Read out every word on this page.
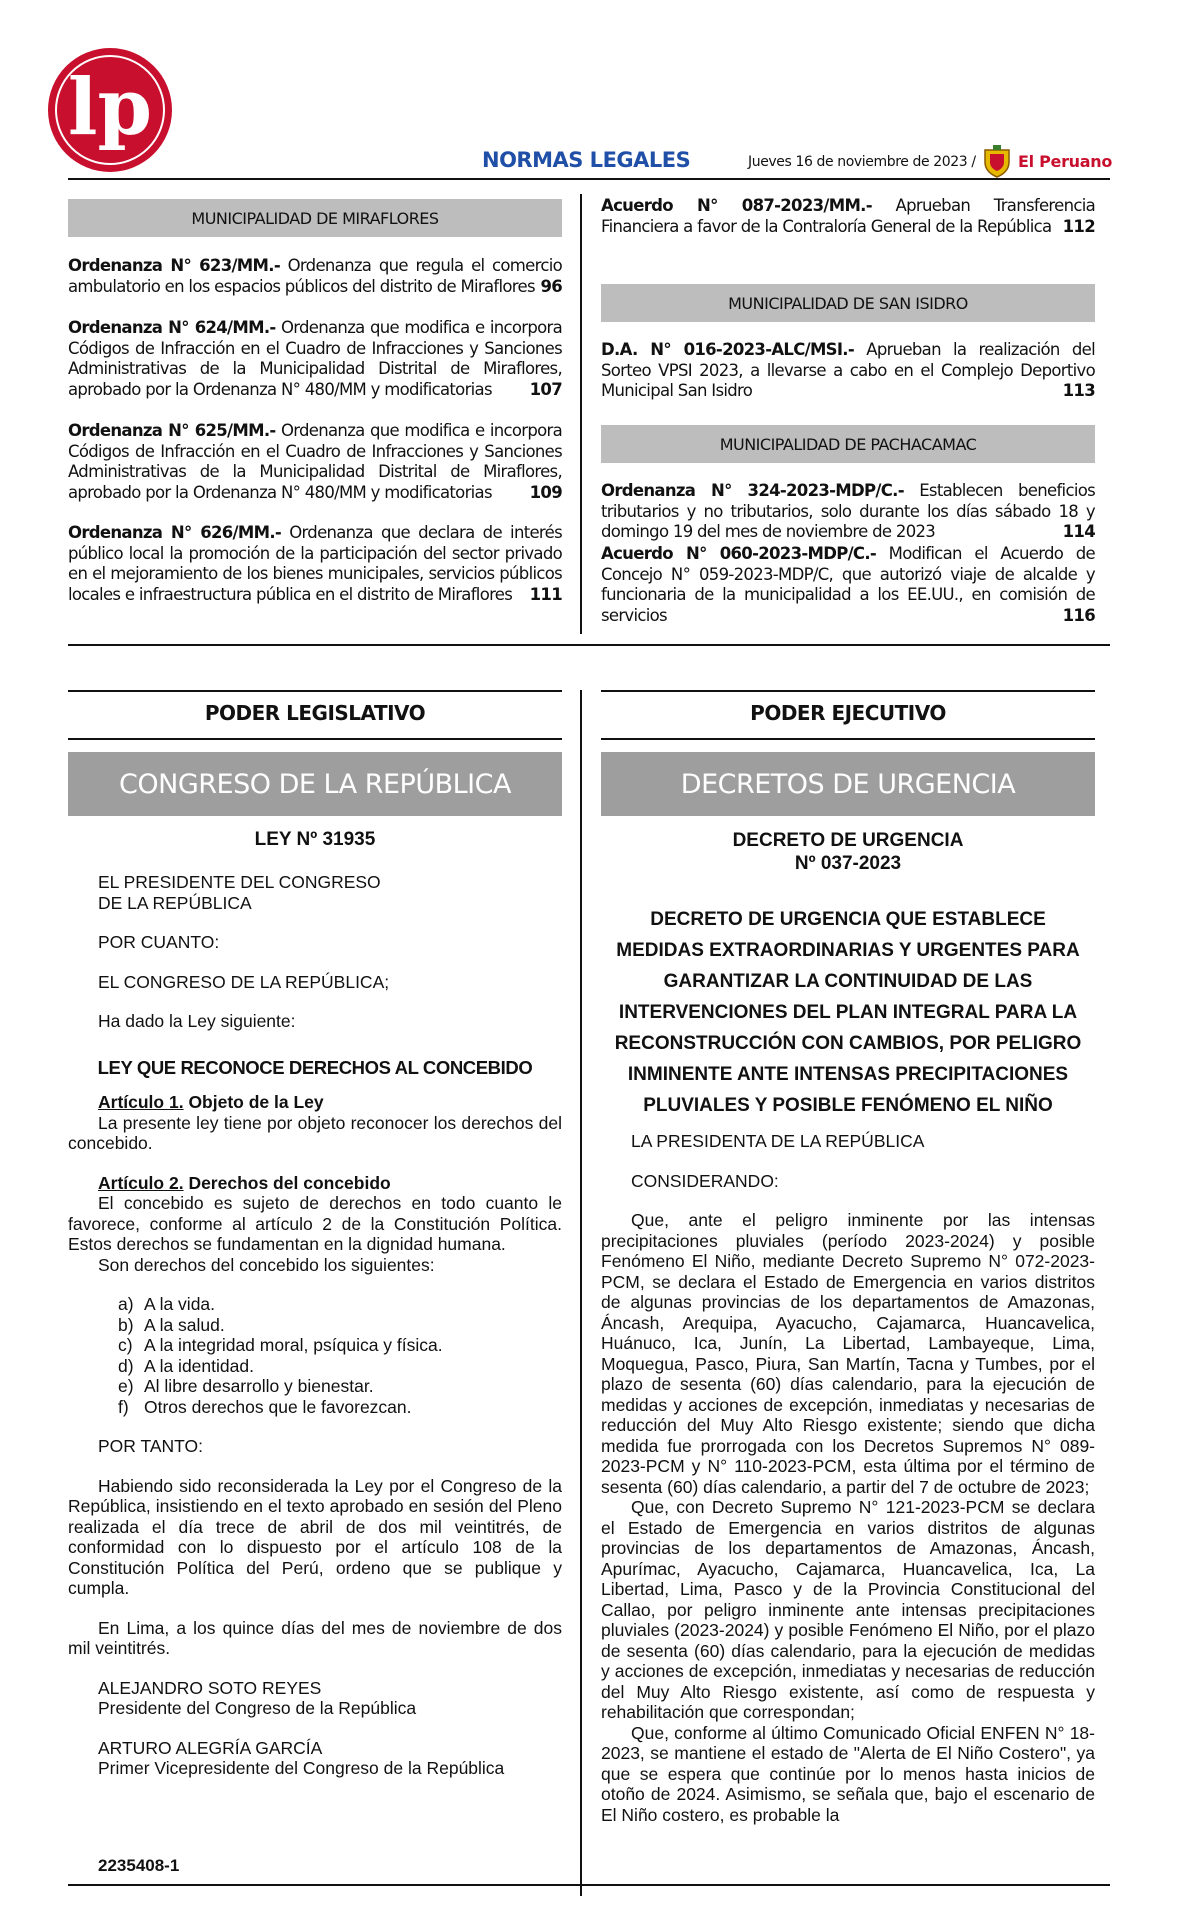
lp
NORMAS LEGALES	Jueves 16 de noviembre de 2023 /	El Peruano
MUNICIPALIDAD DE MIRAFLORES
Ordenanza N° 623/MM.- Ordenanza que regula el comercio ambulatorio en los espacios públicos del distrito de Miraflores 96
Ordenanza N° 624/MM.- Ordenanza que modifica e incorpora Códigos de Infracción en el Cuadro de Infracciones y Sanciones Administrativas de la Municipalidad Distrital de Miraflores, aprobado por la Ordenanza N° 480/MM y modificatorias	107
Ordenanza N° 625/MM.- Ordenanza que modifica e incorpora Códigos de Infracción en el Cuadro de Infracciones y Sanciones Administrativas de la Municipalidad Distrital de Miraflores, aprobado por la Ordenanza N° 480/MM y modificatorias	109
Ordenanza N° 626/MM.- Ordenanza que declara de interés público local la promoción de la participación del sector privado en el mejoramiento de los bienes municipales, servicios públicos locales e infraestructura pública en el distrito de Miraflores	111
Acuerdo N° 087-2023/MM.- Aprueban Transferencia Financiera a favor de la Contraloría General de la República 112
MUNICIPALIDAD DE SAN ISIDRO
D.A. N° 016-2023-ALC/MSI.- Aprueban la realización del Sorteo VPSI 2023, a llevarse a cabo en el Complejo Deportivo Municipal San Isidro	113
MUNICIPALIDAD DE PACHACAMAC
Ordenanza N° 324-2023-MDP/C.- Establecen beneficios tributarios y no tributarios, solo durante los días sábado 18 y domingo 19 del mes de noviembre de 2023	114
Acuerdo N° 060-2023-MDP/C.- Modifican el Acuerdo de Concejo N° 059-2023-MDP/C, que autorizó viaje de alcalde y funcionaria de la municipalidad a los EE.UU., en comisión de servicios	116
PODER LEGISLATIVO
CONGRESO DE LA REPÚBLICA
LEY Nº 31935

EL PRESIDENTE DEL CONGRESO

DE LA REPÚBLICA

POR CUANTO:

EL CONGRESO DE LA REPÚBLICA;

Ha dado la Ley siguiente:

LEY QUE RECONOCE DERECHOS AL CONCEBIDO

Artículo 1. Objeto de la Ley

La presente ley tiene por objeto reconocer los derechos del concebido.

Artículo 2. Derechos del concebido

El concebido es sujeto de derechos en todo cuanto le favorece, conforme al artículo 2 de la Constitución Política. Estos derechos se fundamentan en la dignidad humana.

Son derechos del concebido los siguientes:

a) A la vida.
b) A la salud.
c) A la integridad moral, psíquica y física.
d) A la identidad.
e) Al libre desarrollo y bienestar.
f) Otros derechos que le favorezcan.

POR TANTO:

Habiendo sido reconsiderada la Ley por el Congreso de la República, insistiendo en el texto aprobado en sesión del Pleno realizada el día trece de abril de dos mil veintitrés, de conformidad con lo dispuesto por el artículo 108 de la Constitución Política del Perú, ordeno que se publique y cumpla.

En Lima, a los quince días del mes de noviembre de dos mil veintitrés.

ALEJANDRO SOTO REYES

Presidente del Congreso de la República

ARTURO ALEGRÍA GARCÍA

Primer Vicepresidente del Congreso de la República

2235408-1
PODER EJECUTIVO
DECRETOS DE URGENCIA
DECRETO DE URGENCIA
Nº 037-2023
DECRETO DE URGENCIA QUE ESTABLECE MEDIDAS EXTRAORDINARIAS Y URGENTES PARA GARANTIZAR LA CONTINUIDAD DE LAS INTERVENCIONES DEL PLAN INTEGRAL PARA LA RECONSTRUCCIÓN CON CAMBIOS, POR PELIGRO INMINENTE ANTE INTENSAS PRECIPITACIONES PLUVIALES Y POSIBLE FENÓMENO EL NIÑO

LA PRESIDENTA DE LA REPÚBLICA

CONSIDERANDO:

Que, ante el peligro inminente por las intensas precipitaciones pluviales (período 2023-2024) y posible Fenómeno El Niño, mediante Decreto Supremo N° 072-2023-PCM, se declara el Estado de Emergencia en varios distritos de algunas provincias de los departamentos de Amazonas, Áncash, Arequipa, Ayacucho, Cajamarca, Huancavelica, Huánuco, Ica, Junín, La Libertad, Lambayeque, Lima, Moquegua, Pasco, Piura, San Martín, Tacna y Tumbes, por el plazo de sesenta (60) días calendario, para la ejecución de medidas y acciones de excepción, inmediatas y necesarias de reducción del Muy Alto Riesgo existente; siendo que dicha medida fue prorrogada con los Decretos Supremos N° 089-2023-PCM y N° 110-2023-PCM, esta última por el término de sesenta (60) días calendario, a partir del 7 de octubre de 2023;

Que, con Decreto Supremo N° 121-2023-PCM se declara el Estado de Emergencia en varios distritos de algunas provincias de los departamentos de Amazonas, Áncash, Apurímac, Ayacucho, Cajamarca, Huancavelica, Ica, La Libertad, Lima, Pasco y de la Provincia Constitucional del Callao, por peligro inminente ante intensas precipitaciones pluviales (2023-2024) y posible Fenómeno El Niño, por el plazo de sesenta (60) días calendario, para la ejecución de medidas y acciones de excepción, inmediatas y necesarias de reducción del Muy Alto Riesgo existente, así como de respuesta y rehabilitación que correspondan;

Que, conforme al último Comunicado Oficial ENFEN N° 18-2023, se mantiene el estado de "Alerta de El Niño Costero", ya que se espera que continúe por lo menos hasta inicios de otoño de 2024. Asimismo, se señala que, bajo el escenario de El Niño costero, es probable la
